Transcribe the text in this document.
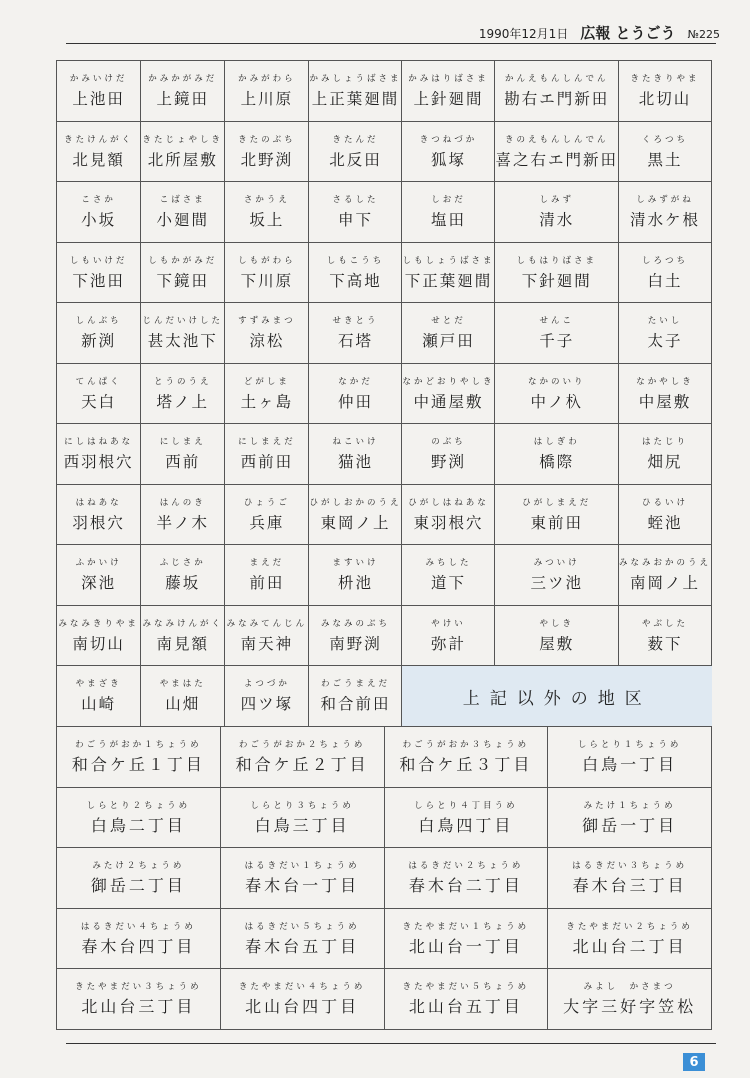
1990年12月1日 広報 とうごう №225
かみいけだ
上池田
かみかがみだ
上鏡田
かみがわら
上川原
かみしょうばさま
上正葉廻間
かみはりばさま
上針廻間
かんえもんしんでん
勘右エ門新田
きたきりやま
北切山
きたけんがく
北見額
きたじょやしき
北所屋敷
きたのぶち
北野渕
きたんだ
北反田
きつねづか
狐塚
きのえもんしんでん
喜之右エ門新田
くろつち
黒土
こさか
小坂
こばさま
小廻間
さかうえ
坂上
さるした
申下
しおだ
塩田
しみず
清水
しみずがね
清水ケ根
しもいけだ
下池田
しもかがみだ
下鏡田
しもがわら
下川原
しもこうち
下高地
しもしょうばさま
下正葉廻間
しもはりばさま
下針廻間
しろつち
白土
しんぶち
新渕
じんだいけした
甚太池下
すずみまつ
涼松
せきとう
石塔
せとだ
瀬戸田
せんこ
千子
たいし
太子
てんぱく
天白
とうのうえ
塔ノ上
どがしま
土ヶ島
なかだ
仲田
なかどおりやしき
中通屋敷
なかのいり
中ノ杁
なかやしき
中屋敷
にしはねあな
西羽根穴
にしまえ
西前
にしまえだ
西前田
ねこいけ
猫池
のぶち
野渕
はしぎわ
橋際
はたじり
畑尻
はねあな
羽根穴
はんのき
半ノ木
ひょうご
兵庫
ひがしおかのうえ
東岡ノ上
ひがしはねあな
東羽根穴
ひがしまえだ
東前田
ひるいけ
蛭池
ふかいけ
深池
ふじさか
藤坂
まえだ
前田
ますいけ
枡池
みちした
道下
みついけ
三ツ池
みなみおかのうえ
南岡ノ上
みなみきりやま
南切山
みなみけんがく
南見額
みなみてんじん
南天神
みなみのぶち
南野渕
やけい
弥計
やしき
屋敷
やぶした
薮下
やまざき
山崎
やまはた
山畑
よつづか
四ツ塚
わごうまえだ
和合前田	上記以外の地区
わごうがおか１ちょうめ
和合ケ丘１丁目
わごうがおか２ちょうめ
和合ケ丘２丁目
わごうがおか３ちょうめ
和合ケ丘３丁目
しらとり１ちょうめ
白鳥一丁目
しらとり２ちょうめ
白鳥二丁目
しらとり３ちょうめ
白鳥三丁目
しらとり４丁目うめ
白鳥四丁目
みたけ１ちょうめ
御岳一丁目
みたけ２ちょうめ
御岳二丁目
はるきだい１ちょうめ
春木台一丁目
はるきだい２ちょうめ
春木台二丁目
はるきだい３ちょうめ
春木台三丁目
はるきだい４ちょうめ
春木台四丁目
はるきだい５ちょうめ
春木台五丁目
きたやまだい１ちょうめ
北山台一丁目
きたやまだい２ちょうめ
北山台二丁目
きたやまだい３ちょうめ
北山台三丁目
きたやまだい４ちょうめ
北山台四丁目
きたやまだい５ちょうめ
北山台五丁目
みよし　かさまつ
大字三好字笠松
6
